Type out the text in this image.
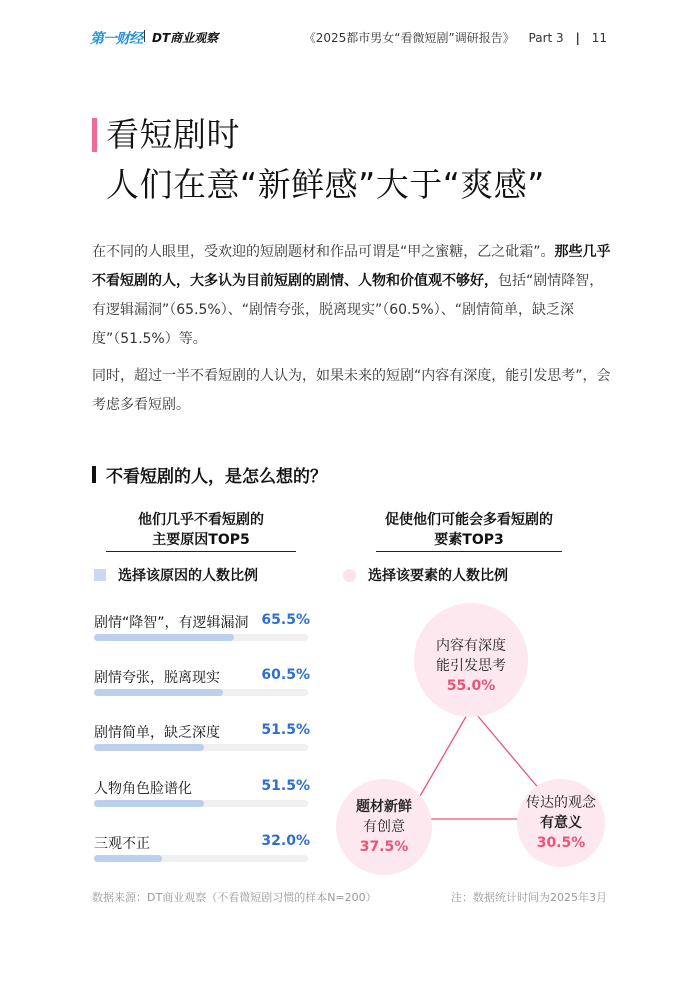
第一财经 DT商业观察	《2025都市男女“看微短剧”调研报告》 Part 3 | 11
看短剧时
人们在意“新鲜感”大于“爽感”
在不同的人眼里，受欢迎的短剧题材和作品可谓是“甲之蜜糖，乙之砒霜”。那些几乎不看短剧的人，大多认为目前短剧的剧情、人物和价值观不够好，包括“剧情降智，有逻辑漏洞”（65.5%）、“剧情夸张，脱离现实”（60.5%）、“剧情简单，缺乏深度”（51.5%）等。
同时，超过一半不看短剧的人认为，如果未来的短剧“内容有深度，能引发思考”，会考虑多看短剧。
不看短剧的人，是怎么想的？
他们几乎不看短剧的
主要原因TOP5
促使他们可能会多看短剧的
要素TOP3
选择该原因的人数比例	选择该要素的人数比例
剧情“降智”，有逻辑漏洞 65.5%
剧情夸张，脱离现实	60.5%
剧情简单，缺乏深度	51.5%
人物角色脸谱化	51.5%
三观不正	32.0%
内容有深度
能引发思考
55.0%
题材新鲜
有创意
37.5%
传达的观念
有意义
30.5%
数据来源：DT商业观察（不看微短剧习惯的样本N=200）	注：数据统计时间为2025年3月
